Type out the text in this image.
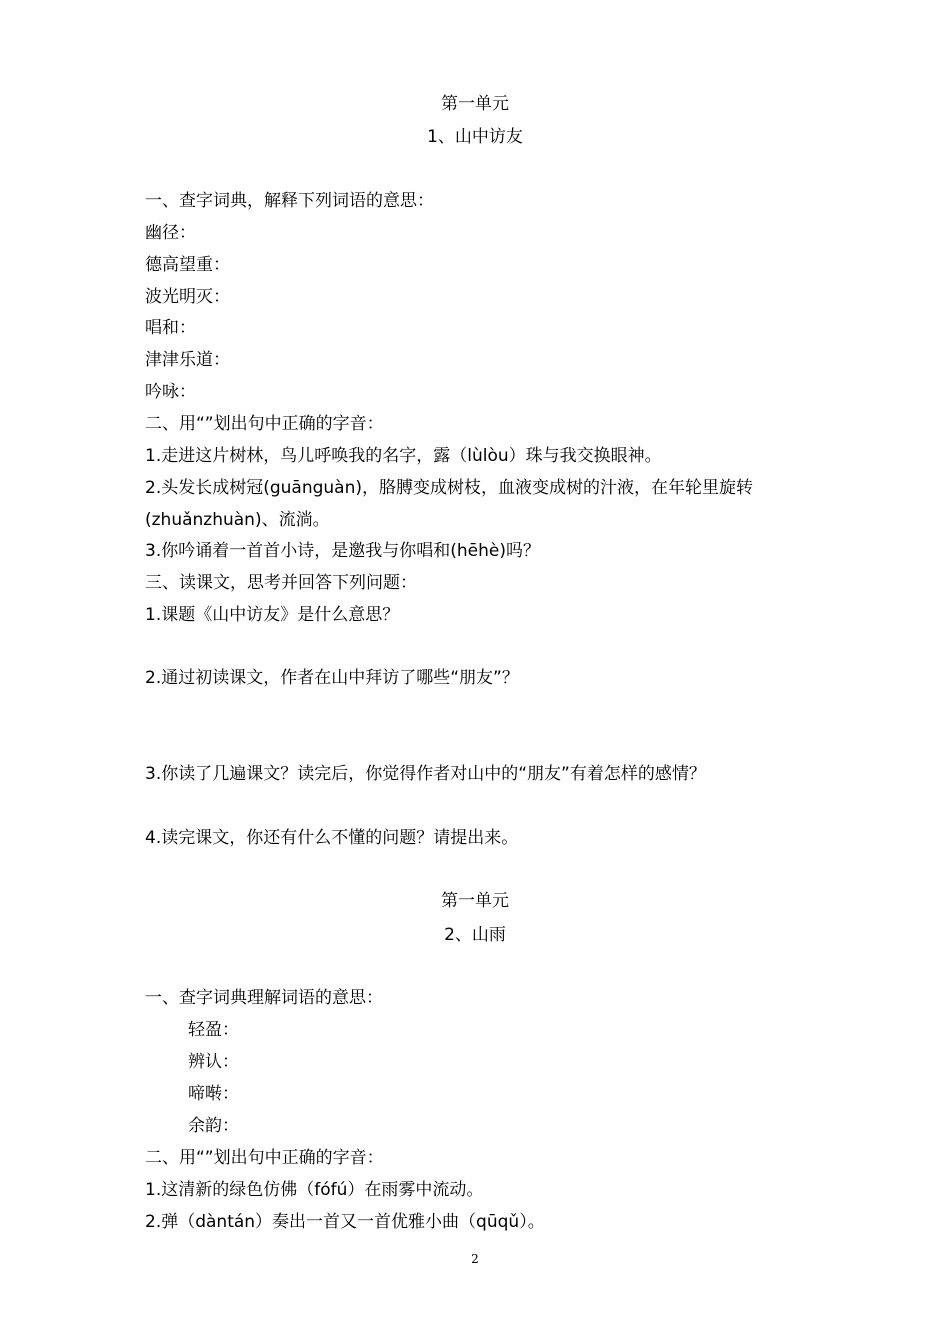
第一单元
1、山中访友
一、查字词典，解释下列词语的意思：
幽径：
德高望重：
波光明灭：
唱和：
津津乐道：
吟咏：
二、用“”划出句中正确的字音：
1.走进这片树林，鸟儿呼唤我的名字，露（lùlòu）珠与我交换眼神。
2.头发长成树冠(guānguàn)，胳膊变成树枝，血液变成树的汁液，在年轮里旋转
(zhuǎnzhuàn)、流淌。
3.你吟诵着一首首小诗，是邀我与你唱和(hēhè)吗？
三、读课文，思考并回答下列问题：
1.课题《山中访友》是什么意思？
2.通过初读课文，作者在山中拜访了哪些“朋友”？
3.你读了几遍课文？读完后，你觉得作者对山中的“朋友”有着怎样的感情？
4.读完课文，你还有什么不懂的问题？请提出来。
第一单元
2、山雨
一、查字词典理解词语的意思：
轻盈：
辨认：
啼啭：
余韵：
二、用“”划出句中正确的字音：
1.这清新的绿色仿佛（fófú）在雨雾中流动。
2.弹（dàntán）奏出一首又一首优雅小曲（qūqǔ）。
2
